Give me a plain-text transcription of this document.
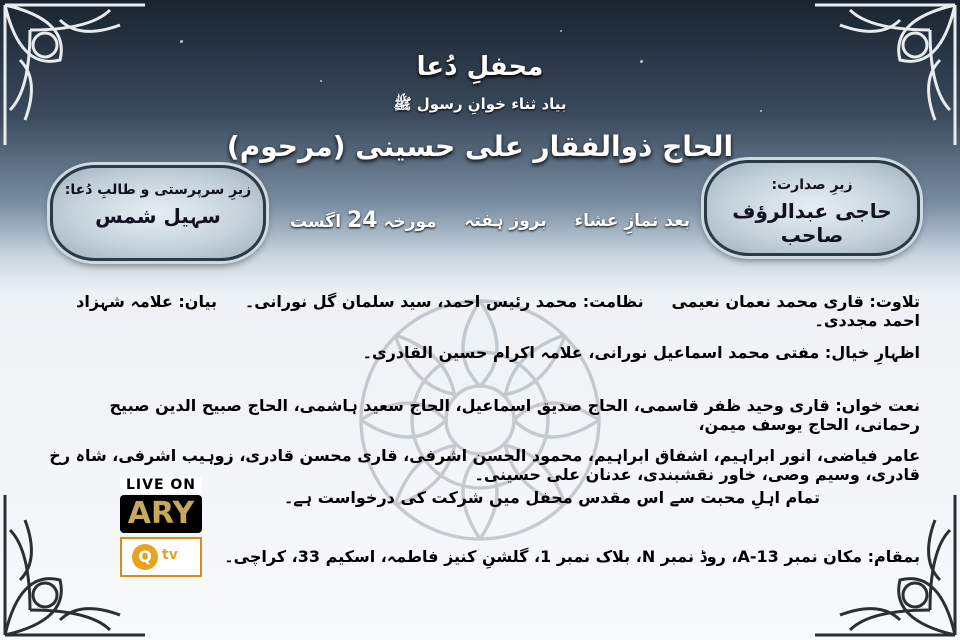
محفلِ دُعا
بیاد ثناء خوانِ رسول ﷺ
الحاج ذوالفقار علی حسینی (مرحوم)
زیرِ صدارت:
حاجی عبدالرؤف صاحب
زیرِ سرپرستی و طالبِ دُعا:
سہیل شمس	مورخہ 24 اگست	بروز ہفتہ بعد نمازِ عشاء
تلاوت: قاری محمد نعمان نعیمی     نظامت: محمد رئیس احمد، سید سلمان گل نورانی۔     بیان: علامہ شہزاد احمد مجددی۔
اظہارِ خیال: مفتی محمد اسماعیل نورانی، علامہ اکرام حسین القادری۔
نعت خواں: قاری وحید ظفر قاسمی، الحاج صدیق اسماعیل، الحاج سعید ہاشمی، الحاج صبیح الدین صبیح رحمانی، الحاج یوسف میمن،
عامر فیاضی، انور ابراہیم، اشفاق ابراہیم، محمود الحسن اشرفی، قاری محسن قادری، زوہیب اشرفی، شاہ رخ قادری، وسیم وصی، خاور نقشبندی، عدنان علی حسینی۔
تمام اہلِ محبت سے اس مقدس محفل میں شرکت کی درخواست ہے۔
بمقام: مکان نمبر A-13، روڈ نمبر N، بلاک نمبر 1، گلشنِ کنیز فاطمہ، اسکیم 33، کراچی۔
LIVE ON
ARY
Q tv
